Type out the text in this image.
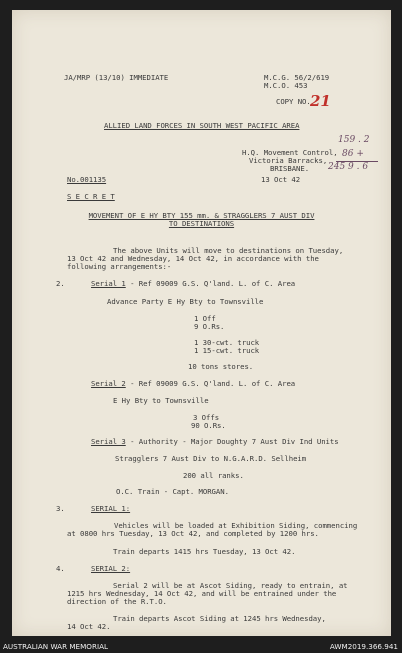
JA/MRP (13/10) IMMEDIATE	M.C.G. 56/2/619
M.C.O. 453
COPY NO. 21
ALLIED LAND FORCES IN SOUTH WEST PACIFIC AREA
H.Q. Movement Control,
Victoria Barracks,
BRISBANE.
159 . 2
86 +
245 9 . 6
No.001135	13 Oct 42
S E C R E T
MOVEMENT OF E HY BTY 155 mm. & STRAGGLERS 7 AUST DIV
TO DESTINATIONS
The above Units will move to destinations on Tuesday,
13 Oct 42 and Wednesday, 14 Oct 42, in accordance with the
following arrangements:-
2.	Serial 1 - Ref 09009 G.S. Q'land. L. of C. Area
Advance Party E Hy Bty to Townsville
1 Off
9 O.Rs.
1 30-cwt. truck
1 15-cwt. truck
10 tons stores.
Serial 2 - Ref 09009 G.S. Q'land. L. of C. Area
E Hy Bty to Townsville
3 Offs
90 O.Rs.
Serial 3 - Authority - Major Doughty 7 Aust Div Ind Units
Stragglers 7 Aust Div to N.G.A.R.D. Sellheim
200 all ranks.
O.C. Train - Capt. MORGAN.
3.	SERIAL 1:
Vehicles will be loaded at Exhibition Siding, commencing
at 0800 hrs Tuesday, 13 Oct 42, and completed by 1200 hrs.
Train departs 1415 hrs Tuesday, 13 Oct 42.
4.	SERIAL 2:
Serial 2 will be at Ascot Siding, ready to entrain, at
1215 hrs Wednesday, 14 Oct 42, and will be entrained under the
direction of the R.T.O.
Train departs Ascot Siding at 1245 hrs Wednesday,
14 Oct 42.
AUSTRALIAN WAR MEMORIAL	AWM2019.366.941
